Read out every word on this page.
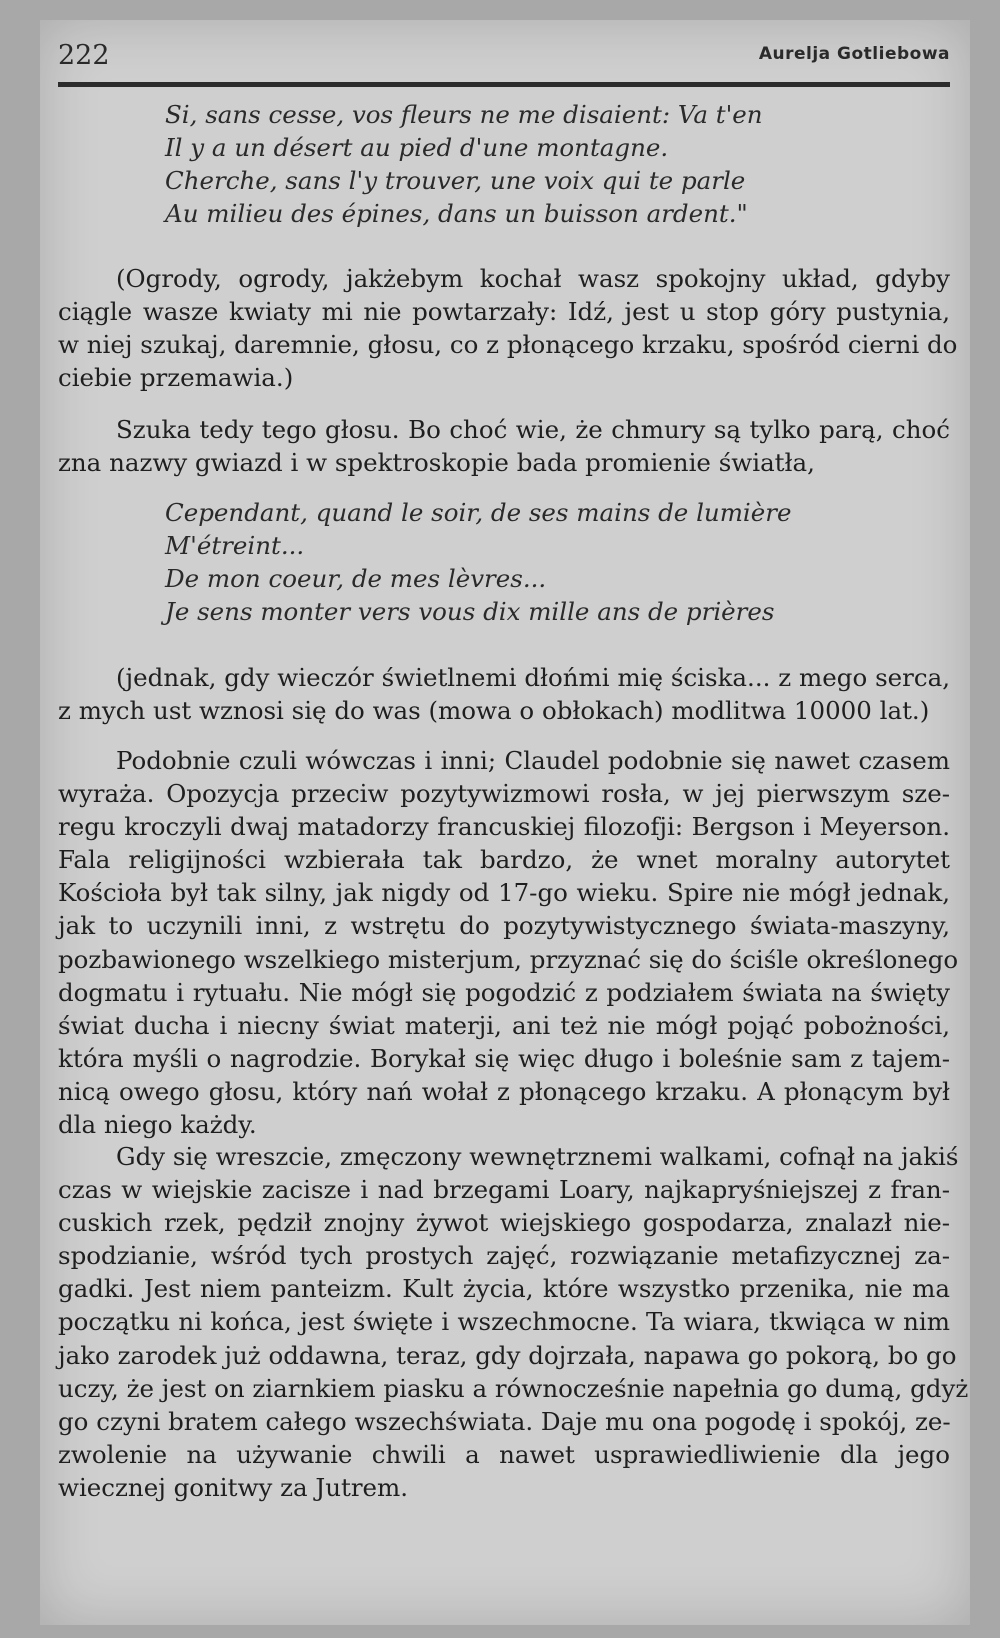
222	Aurelja Gotliebowa
Si, sans cesse, vos fleurs ne me disaient: Va t'en
Il y a un désert au pied d'une montagne.
Cherche, sans l'y trouver, une voix qui te parle
Au milieu des épines, dans un buisson ardent."
(Ogrody, ogrody, jakżebym kochał wasz spokojny układ, gdyby
ciągle wasze kwiaty mi nie powtarzały: Idź, jest u stop góry pustynia,
w niej szukaj, daremnie, głosu, co z płonącego krzaku, spośród cierni do
ciebie przemawia.)
Szuka tedy tego głosu. Bo choć wie, że chmury są tylko parą, choć
zna nazwy gwiazd i w spektroskopie bada promienie światła,
Cependant, quand le soir, de ses mains de lumière
M'étreint...
De mon coeur, de mes lèvres...
Je sens monter vers vous dix mille ans de prières
(jednak, gdy wieczór świetlnemi dłońmi mię ściska... z mego serca,
z mych ust wznosi się do was (mowa o obłokach) modlitwa 10000 lat.)
Podobnie czuli wówczas i inni; Claudel podobnie się nawet czasem
wyraża. Opozycja przeciw pozytywizmowi rosła, w jej pierwszym sze-
regu kroczyli dwaj matadorzy francuskiej filozofji: Bergson i Meyerson.
Fala religijności wzbierała tak bardzo, że wnet moralny autorytet
Kościoła był tak silny, jak nigdy od 17-go wieku. Spire nie mógł jednak,
jak to uczynili inni, z wstrętu do pozytywistycznego świata-maszyny,
pozbawionego wszelkiego misterjum, przyznać się do ściśle określonego
dogmatu i rytuału. Nie mógł się pogodzić z podziałem świata na święty
świat ducha i niecny świat materji, ani też nie mógł pojąć pobożności,
która myśli o nagrodzie. Borykał się więc długo i boleśnie sam z tajem-
nicą owego głosu, który nań wołał z płonącego krzaku. A płonącym był
dla niego każdy.
Gdy się wreszcie, zmęczony wewnętrznemi walkami, cofnął na jakiś
czas w wiejskie zacisze i nad brzegami Loary, najkapryśniejszej z fran-
cuskich rzek, pędził znojny żywot wiejskiego gospodarza, znalazł nie-
spodzianie, wśród tych prostych zajęć, rozwiązanie metafizycznej za-
gadki. Jest niem panteizm. Kult życia, które wszystko przenika, nie ma
początku ni końca, jest święte i wszechmocne. Ta wiara, tkwiąca w nim
jako zarodek już oddawna, teraz, gdy dojrzała, napawa go pokorą, bo go
uczy, że jest on ziarnkiem piasku a równocześnie napełnia go dumą, gdyż
go czyni bratem całego wszechświata. Daje mu ona pogodę i spokój, ze-
zwolenie na używanie chwili a nawet usprawiedliwienie dla jego
wiecznej gonitwy za Jutrem.
